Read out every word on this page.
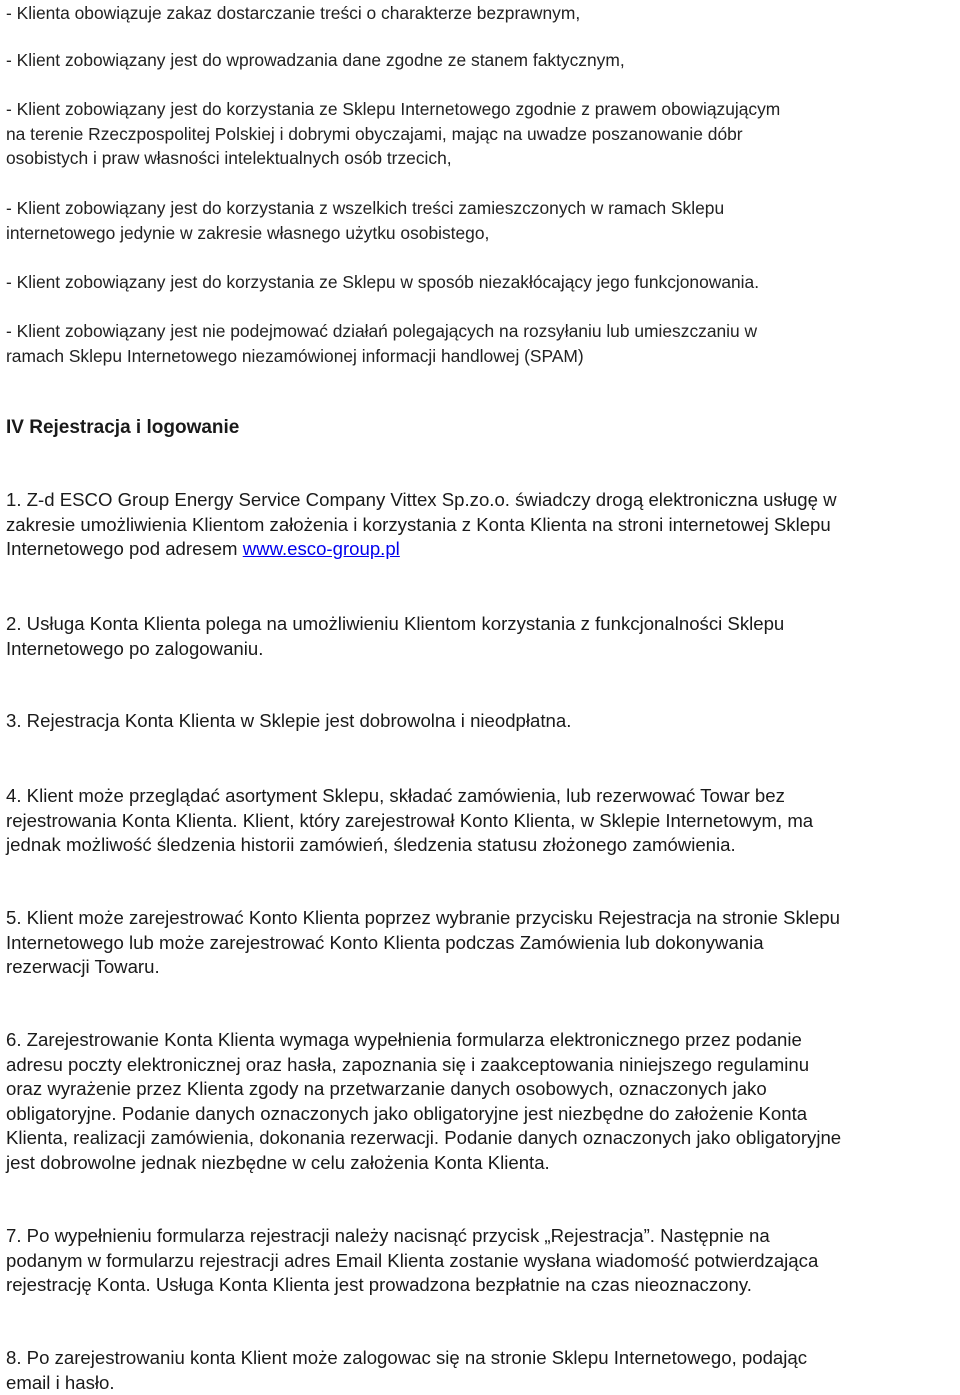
- Klienta obowiązuje zakaz dostarczanie treści o charakterze bezprawnym,
- Klient zobowiązany jest do wprowadzania dane zgodne ze stanem faktycznym,
- Klient zobowiązany jest do korzystania ze Sklepu Internetowego zgodnie z prawem obowiązującym
na terenie Rzeczpospolitej Polskiej i dobrymi obyczajami, mając na uwadze poszanowanie dóbr
osobistych i praw własności intelektualnych osób trzecich,
- Klient zobowiązany jest do korzystania z wszelkich treści zamieszczonych w ramach Sklepu
internetowego jedynie w zakresie własnego użytku osobistego,
- Klient zobowiązany jest do korzystania ze Sklepu w sposób niezakłócający jego funkcjonowania.
- Klient zobowiązany jest nie podejmować działań polegających na rozsyłaniu lub umieszczaniu w
ramach Sklepu Internetowego niezamówionej informacji handlowej (SPAM)
IV Rejestracja i logowanie
1. Z-d ESCO Group Energy Service Company Vittex Sp.zo.o. świadczy drogą elektroniczna usługę w
zakresie umożliwienia Klientom założenia i korzystania z Konta Klienta na stroni internetowej Sklepu
Internetowego pod adresem www.esco-group.pl
2. Usługa Konta Klienta polega na umożliwieniu Klientom korzystania z funkcjonalności Sklepu
Internetowego po zalogowaniu.
3. Rejestracja Konta Klienta w Sklepie jest dobrowolna i nieodpłatna.
4. Klient może przeglądać asortyment Sklepu, składać zamówienia, lub rezerwować Towar bez
rejestrowania Konta Klienta. Klient, który zarejestrował Konto Klienta, w Sklepie Internetowym, ma
jednak możliwość śledzenia historii zamówień, śledzenia statusu złożonego zamówienia.
5. Klient może zarejestrować Konto Klienta poprzez wybranie przycisku Rejestracja na stronie Sklepu
Internetowego lub może zarejestrować Konto Klienta podczas Zamówienia lub dokonywania
rezerwacji Towaru.
6. Zarejestrowanie Konta Klienta wymaga wypełnienia formularza elektronicznego przez podanie
adresu poczty elektronicznej oraz hasła, zapoznania się i zaakceptowania niniejszego regulaminu
oraz wyrażenie przez Klienta zgody na przetwarzanie danych osobowych, oznaczonych jako
obligatoryjne. Podanie danych oznaczonych jako obligatoryjne jest niezbędne do założenie Konta
Klienta, realizacji zamówienia, dokonania rezerwacji. Podanie danych oznaczonych jako obligatoryjne
jest dobrowolne jednak niezbędne w celu założenia Konta Klienta.
7. Po wypełnieniu formularza rejestracji należy nacisnąć przycisk „Rejestracja”. Następnie na
podanym w formularzu rejestracji adres Email Klienta zostanie wysłana wiadomość potwierdzająca
rejestrację Konta. Usługa Konta Klienta jest prowadzona bezpłatnie na czas nieoznaczony.
8. Po zarejestrowaniu konta Klient może zalogowac się na stronie Sklepu Internetowego, podając
email i hasło.
